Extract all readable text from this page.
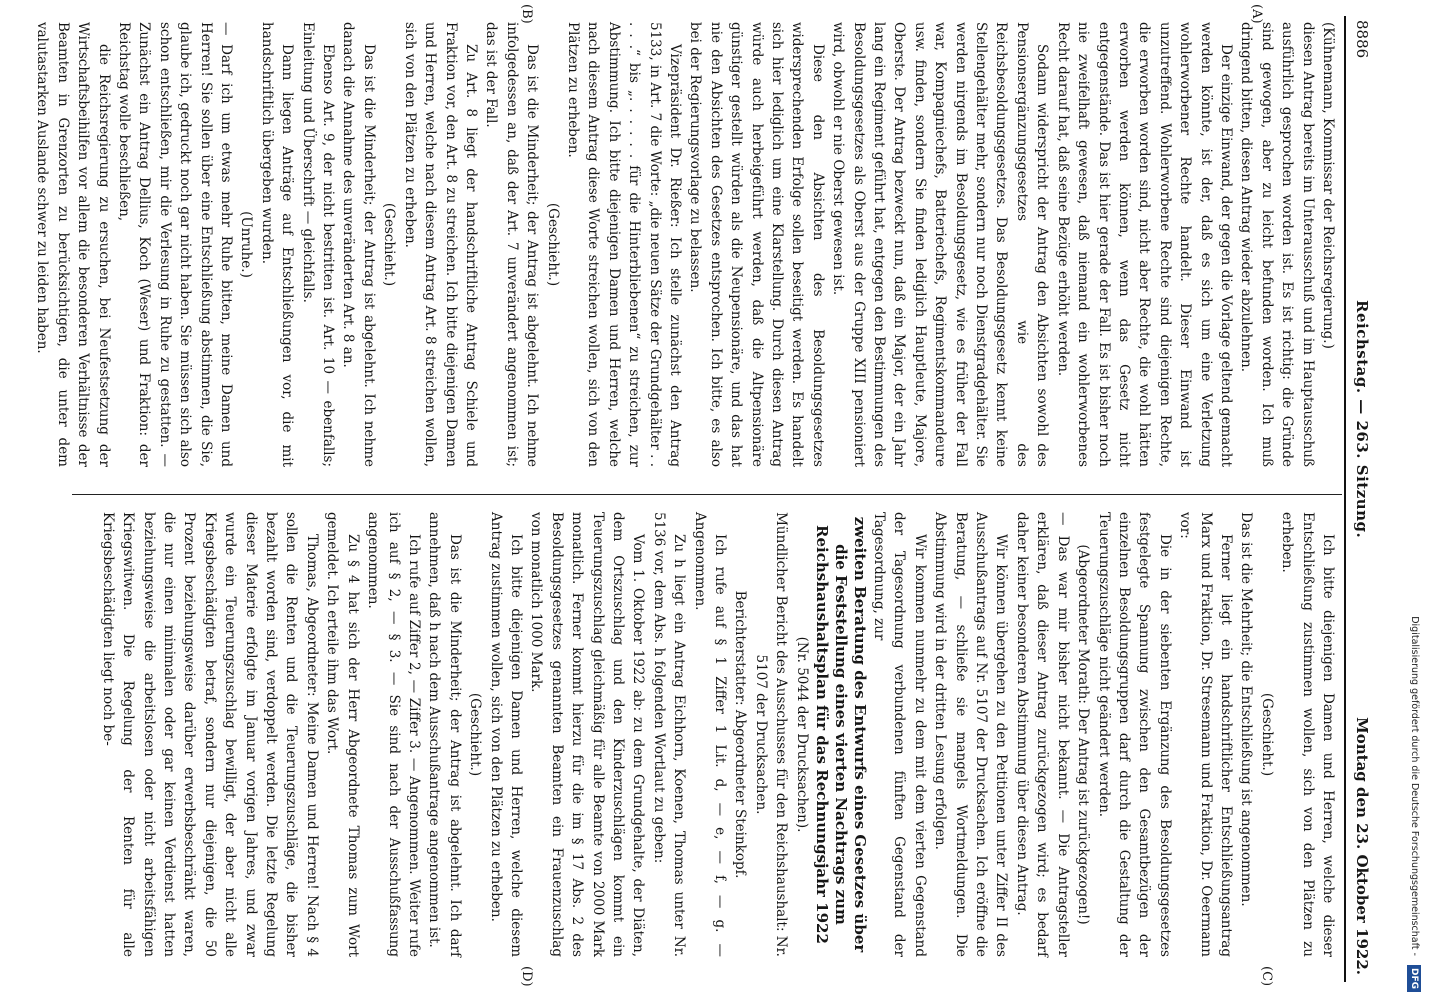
Digitalisierung gefördert durch die Deutsche Forschungsgemeinschaft - DFG
8886
Reichstag. — 263. Sitzung.
Montag den 23. Oktober 1922.
(A)
(B)
(C)
(D)

(Kühnemann, Kommissar der Reichsregierung.)

diesen Antrag bereits im Unterausschuß und im Hauptausschuß ausführlich gesprochen worden ist. Es ist richtig: die Gründe sind gewogen, aber zu leicht befunden worden. Ich muß dringend bitten, diesen Antrag wieder abzulehnen.

Der einzige Einwand, der gegen die Vorlage geltend gemacht werden könnte, ist der, daß es sich um eine Verletzung wohlerworbener Rechte handelt. Dieser Einwand ist unzutreffend. Wohlerworbene Rechte sind diejenigen Rechte, die erworben worden sind, nicht aber Rechte, die wohl hätten erworben werden können, wenn das Gesetz nicht entgegenstände. Das ist hier gerade der Fall. Es ist bisher noch nie zweifelhaft gewesen, daß niemand ein wohlerworbenes Recht darauf hat, daß seine Bezüge erhöht werden.

Sodann widerspricht der Antrag den Absichten sowohl des Pensionsergänzungsgesetzes wie des Reichsbesoldungsgesetzes. Das Besoldungsgesetz kennt keine Stellengehälter mehr, sondern nur noch Dienstgradgehälter. Sie werden nirgends im Besoldungsgesetz, wie es früher der Fall war, Kompagniechefs, Batteriechefs, Regimentskommandeure usw. finden, sondern Sie finden lediglich Hauptleute, Majore, Oberste. Der Antrag bezweckt nun, daß ein Major, der ein Jahr lang ein Regiment geführt hat, entgegen den Bestimmungen des Besoldungsgesetzes als Oberst aus der Gruppe XIII pensioniert wird, obwohl er nie Oberst gewesen ist.

Diese den Absichten des Besoldungsgesetzes widersprechenden Erfolge sollen beseitigt werden. Es handelt sich hier lediglich um eine Klarstellung. Durch diesen Antrag würde auch herbeigeführt werden, daß die Altpensionäre günstiger gestellt würden als die Neupensionäre, und das hat nie den Absichten des Gesetzes entsprochen. Ich bitte, es also bei der Regierungsvorlage zu belassen.

Vizepräsident Dr. Rießer: Ich stelle zunächst den Antrag 5133, in Art. 7 die Worte: „die neuen Sätze der Grundgehälter . . . . .“ bis „. . . . . . für die Hinterbliebenen“ zu streichen, zur Abstimmung. Ich bitte diejenigen Damen und Herren, welche nach diesem Antrag diese Worte streichen wollen, sich von den Plätzen zu erheben.

(Geschieht.)

Das ist die Minderheit; der Antrag ist abgelehnt. Ich nehme infolgedessen an, daß der Art. 7 unverändert angenommen ist; das ist der Fall.

Zu Art. 8 liegt der handschriftliche Antrag Schiele und Fraktion vor, den Art. 8 zu streichen. Ich bitte diejenigen Damen und Herren, welche nach diesem Antrag Art. 8 streichen wollen, sich von den Plätzen zu erheben.

(Geschieht.)

Das ist die Minderheit; der Antrag ist abgelehnt. Ich nehme danach die Annahme des unveränderten Art. 8 an.

Ebenso Art. 9, der nicht bestritten ist. Art. 10 — ebenfalls; Einleitung und Überschrift — gleichfalls.

Dann liegen Anträge auf Entschließungen vor, die mit handschriftlich übergeben wurden.

(Unruhe.)

— Darf ich um etwas mehr Ruhe bitten, meine Damen und Herren! Sie sollen über eine Entschließung abstimmen, die Sie, glaube ich, gedruckt noch gar nicht haben. Sie müssen sich also schon entschließen, mir die Verlesung in Ruhe zu gestatten. — Zunächst ein Antrag Dellius, Koch (Weser) und Fraktion: der Reichstag wolle beschließen,

die Reichsregierung zu ersuchen, bei Neufestsetzung der Wirtschaftsbeihilfen vor allem die besonderen Verhältnisse der Beamten in Grenzorten zu berücksichtigen, die unter dem valutastarken Auslande schwer zu leiden haben.

Ich bitte diejenigen Damen und Herren, welche dieser Entschließung zustimmen wollen, sich von den Plätzen zu erheben.

(Geschieht.)

Das ist die Mehrheit; die Entschließung ist angenommen.

Ferner liegt ein handschriftlicher Entschließungsantrag Marx und Fraktion, Dr. Stresemann und Fraktion, Dr. Oeermann vor:

Die in der siebenten Ergänzung des Besoldungsgesetzes festgelegte Spannung zwischen den Gesamtbezügen der einzelnen Besoldungsgruppen darf durch die Gestaltung der Teuerungszuschläge nicht geändert werden.

(Abgeordneter Morath: Der Antrag ist zurückgezogen!)

— Das war mir bisher nicht bekannt. — Die Antragsteller erklären, daß dieser Antrag zurückgezogen wird; es bedarf daher keiner besonderen Abstimmung über diesen Antrag.

Wir können übergehen zu den Petitionen unter Ziffer II des Ausschußantrags auf Nr. 5107 der Drucksachen. Ich eröffne die Beratung, — schließe sie mangels Wortmeldungen. Die Abstimmung wird in der dritten Lesung erfolgen.

Wir kommen nunmehr zu dem mit dem vierten Gegenstand der Tagesordnung verbundenen fünften Gegenstand der Tagesordnung, zur

zweiten Beratung des Entwurfs eines Gesetzes über die Feststellung eines vierten Nachtrags zum Reichshaushaltsplan für das Rechnungsjahr 1922

(Nr. 5044 der Drucksachen).

Mündlicher Bericht des Ausschusses für den Reichshaushalt: Nr. 5107 der Drucksachen.

Berichterstatter: Abgeordneter Steinkopf.

Ich rufe auf § 1 Ziffer 1 Lit. d, — e, — f, — g. — Angenommen.

Zu h liegt ein Antrag Eichhorn, Koenen, Thomas unter Nr. 5136 vor, dem Abs. h folgenden Wortlaut zu geben:

Vom 1. Oktober 1922 ab: zu dem Grundgehalte, der Diäten, dem Ortszuschlag und den Kinderzuschlägen kommt ein Teuerungszuschlag gleichmäßig für alle Beamte von 2000 Mark monatlich. Ferner kommt hierzu für die im § 17 Abs. 2 des Besoldungsgesetzes genannten Beamten ein Frauenzuschlag von monatlich 1000 Mark.

Ich bitte diejenigen Damen und Herren, welche diesem Antrag zustimmen wollen, sich von den Plätzen zu erheben.

(Geschieht.)

Das ist die Minderheit; der Antrag ist abgelehnt. Ich darf annehmen, daß h nach dem Ausschußantrage angenommen ist.

Ich rufe auf Ziffer 2, — Ziffer 3. — Angenommen. Weiter rufe ich auf § 2, — § 3. — Sie sind nach der Ausschußfassung angenommen.

Zu § 4 hat sich der Herr Abgeordnete Thomas zum Wort gemeldet. Ich erteile ihm das Wort.

Thomas, Abgeordneter: Meine Damen und Herren! Nach § 4 sollen die Renten und die Teuerungszuschläge, die bisher bezahlt worden sind, verdoppelt werden. Die letzte Regelung dieser Materie erfolgte im Januar vorigen Jahres, und zwar wurde ein Teuerungszuschlag bewilligt, der aber nicht alle Kriegsbeschädigten betraf, sondern nur diejenigen, die 50 Prozent beziehungsweise darüber erwerbsbeschränkt waren, die nur einen minimalen oder gar keinen Verdienst hatten beziehungsweise die arbeitslosen oder nicht arbeitsfähigen Kriegswitwen. Die Regelung der Renten für alle Kriegsbeschädigten liegt noch be-
